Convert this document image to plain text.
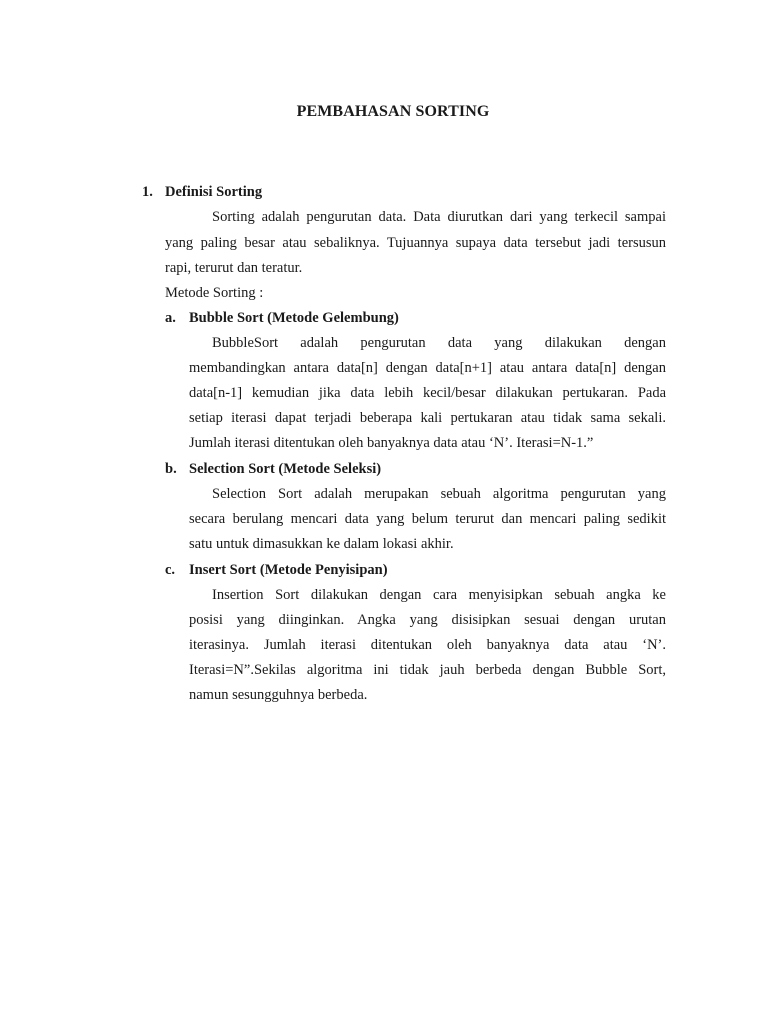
PEMBAHASAN SORTING
1. Definisi Sorting
Sorting adalah pengurutan data. Data diurutkan dari yang terkecil sampai
yang paling besar atau sebaliknya. Tujuannya supaya data tersebut jadi tersusun
rapi, terurut dan teratur.
Metode Sorting :
a. Bubble Sort (Metode Gelembung)
BubbleSort adalah pengurutan data yang dilakukan dengan
membandingkan antara data[n] dengan data[n+1] atau antara data[n] dengan
data[n-1] kemudian jika data lebih kecil/besar dilakukan pertukaran. Pada
setiap iterasi dapat terjadi beberapa kali pertukaran atau tidak sama sekali.
Jumlah iterasi ditentukan oleh banyaknya data atau ‘N’. Iterasi=N-1.”
b. Selection Sort (Metode Seleksi)
Selection Sort adalah merupakan sebuah algoritma pengurutan yang
secara berulang mencari data yang belum terurut dan mencari paling sedikit
satu untuk dimasukkan ke dalam lokasi akhir.
c. Insert Sort (Metode Penyisipan)
Insertion Sort dilakukan dengan cara menyisipkan sebuah angka ke
posisi yang diinginkan. Angka yang disisipkan sesuai dengan urutan
iterasinya. Jumlah iterasi ditentukan oleh banyaknya data atau ‘N’.
Iterasi=N”.Sekilas algoritma ini tidak jauh berbeda dengan Bubble Sort,
namun sesungguhnya berbeda.
